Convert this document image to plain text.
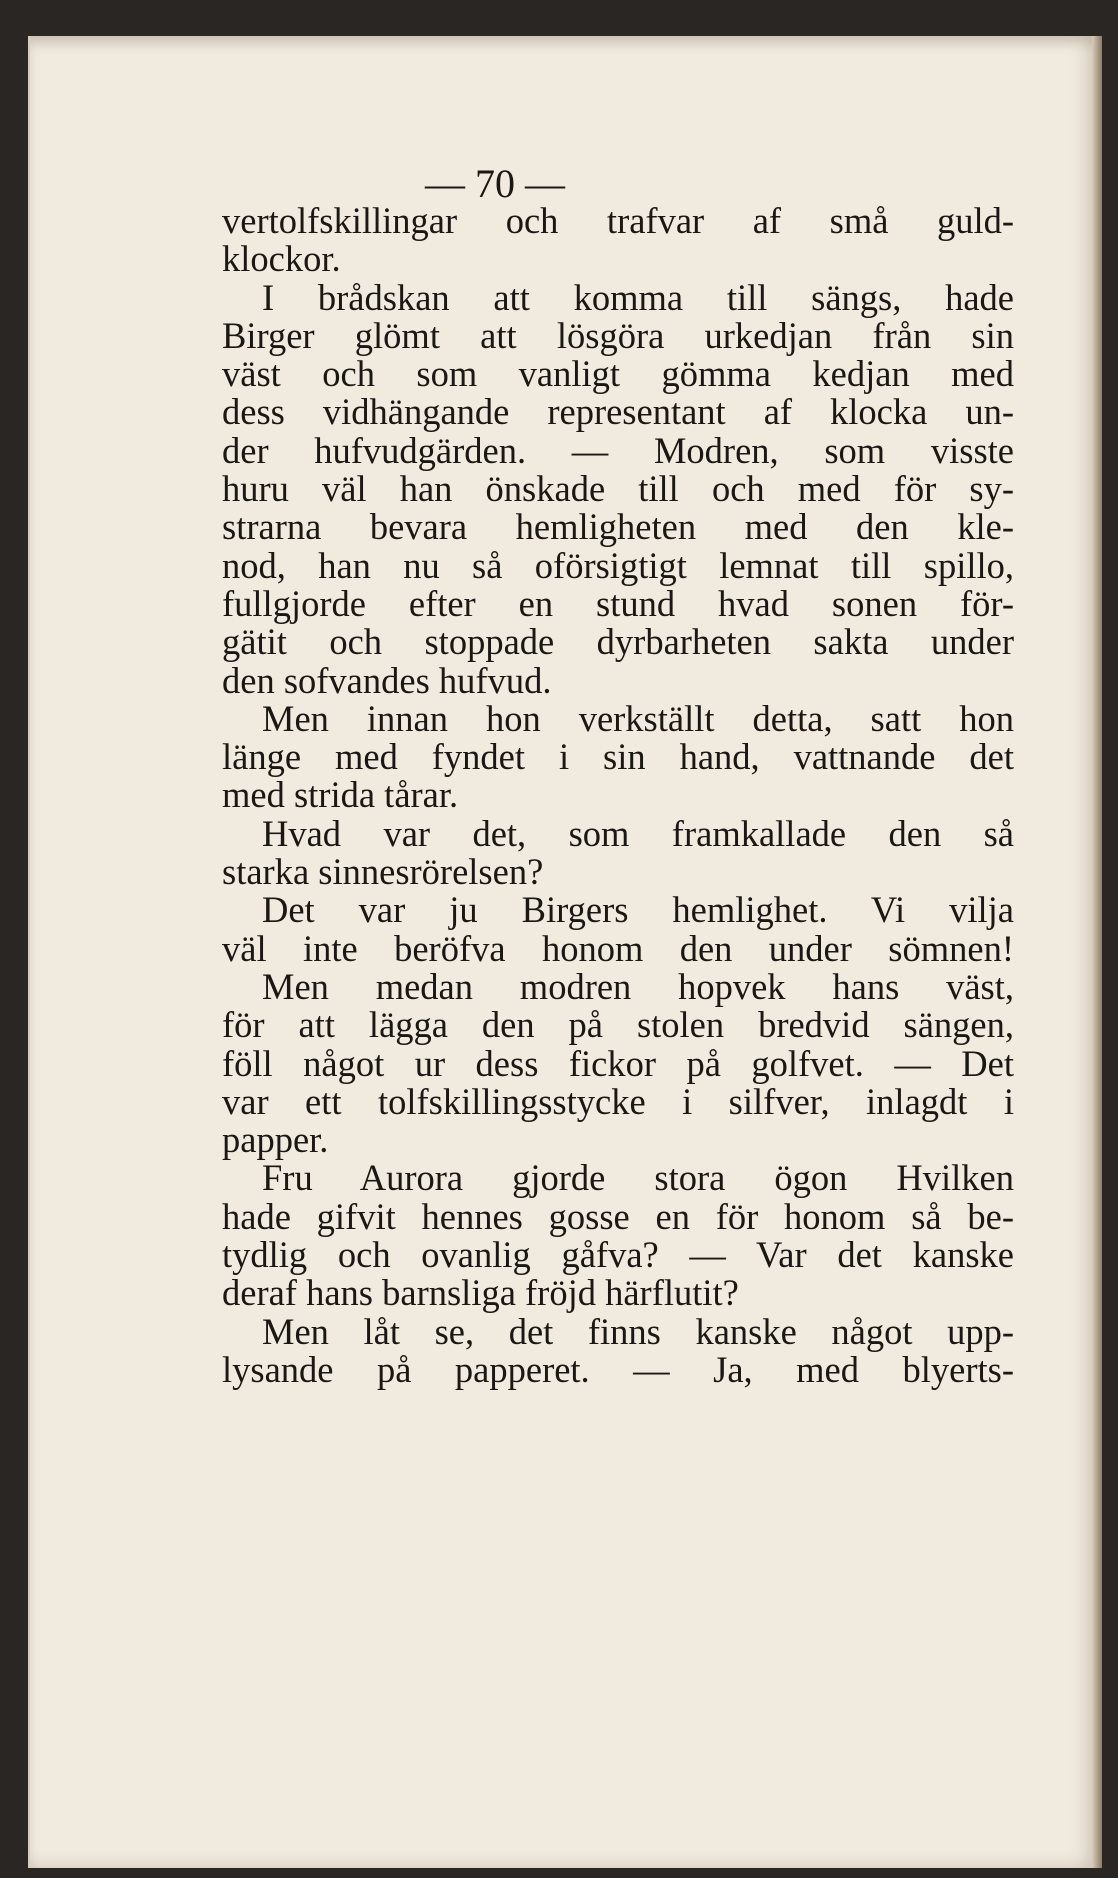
— 70 —
vertolfskillingar och trafvar af små guld-
klockor.
I brådskan att komma till sängs, hade
Birger glömt att lösgöra urkedjan från sin
väst och som vanligt gömma kedjan med
dess vidhängande representant af klocka un-
der hufvudgärden. — Modren, som visste
huru väl han önskade till och med för sy-
strarna bevara hemligheten med den kle-
nod, han nu så oförsigtigt lemnat till spillo,
fullgjorde efter en stund hvad sonen för-
gätit och stoppade dyrbarheten sakta under
den sofvandes hufvud.
Men innan hon verkställt detta, satt hon
länge med fyndet i sin hand, vattnande det
med strida tårar.
Hvad var det, som framkallade den så
starka sinnesrörelsen?
Det var ju Birgers hemlighet. Vi vilja
väl inte beröfva honom den under sömnen!
Men medan modren hopvek hans väst,
för att lägga den på stolen bredvid sängen,
föll något ur dess fickor på golfvet. — Det
var ett tolfskillingsstycke i silfver, inlagdt i
papper.
Fru Aurora gjorde stora ögon Hvilken
hade gifvit hennes gosse en för honom så be-
tydlig och ovanlig gåfva? — Var det kanske
deraf hans barnsliga fröjd härflutit?
Men låt se, det finns kanske något upp-
lysande på papperet. — Ja, med blyerts-
